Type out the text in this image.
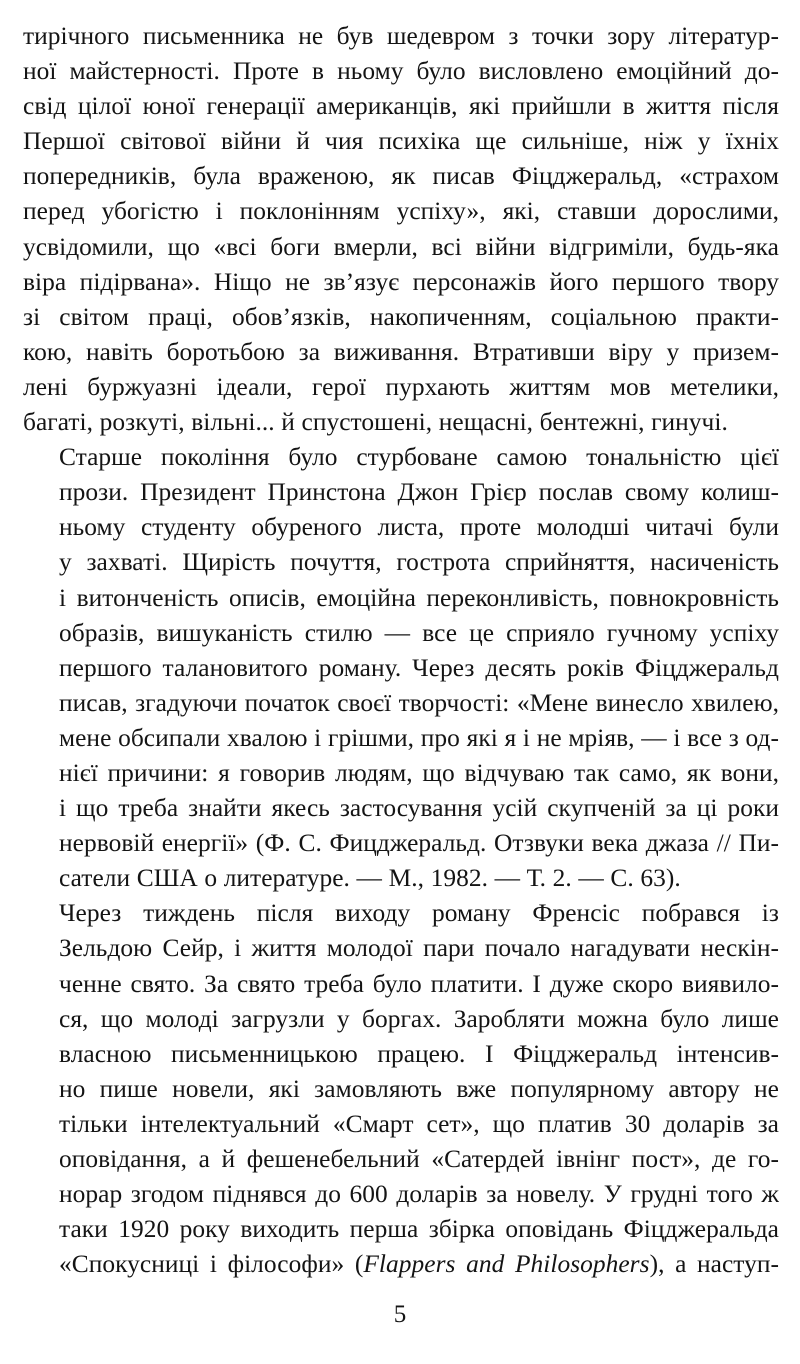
тирічного письменника не був шедевром з точки зору літератур-
ної майстерності. Проте в ньому було висловлено емоційний до-
свід цілої юної генерації американців, які прийшли в життя після
Першої світової війни й чия психіка ще сильніше, ніж у їхніх
попередників, була враженою, як писав Фіцджеральд, «страхом
перед убогістю і поклонінням успіху», які, ставши дорослими,
усвідомили, що «всі боги вмерли, всі війни відгриміли, будь-яка
віра підірвана». Ніщо не зв’язує персонажів його першого твору
зі світом праці, обов’язків, накопиченням, соціальною практи-
кою, навіть боротьбою за виживання. Втративши віру у призем-
лені буржуазні ідеали, герої пурхають життям мов метелики,
багаті, розкуті, вільні... й спустошені, нещасні, бентежні, гинучі.

Старше покоління було стурбоване самою тональністю цієї
прози. Президент Принстона Джон Грієр послав свому колиш-
ньому студенту обуреного листа, проте молодші читачі були
у захваті. Щирість почуття, гострота сприйняття, насиченість
і витонченість описів, емоційна переконливість, повнокровність
образів, вишуканість стилю — все це сприяло гучному успіху
першого талановитого роману. Через десять років Фіцджеральд
писав, згадуючи початок своєї творчості: «Мене винесло хвилею,
мене обсипали хвалою і грішми, про які я і не мріяв, — і все з од-
нієї причини: я говорив людям, що відчуваю так само, як вони,
і що треба знайти якесь застосування усій скупченій за ці роки
нервовій енергії» (Ф. С. Фицджеральд. Отзвуки века джаза // Пи-
сатели США о литературе. — М., 1982. — Т. 2. — С. 63).

Через тиждень після виходу роману Френсіс побрався із
Зельдою Сейр, і життя молодої пари почало нагадувати нескін-
ченне свято. За свято треба було платити. І дуже скоро виявило-
ся, що молоді загрузли у боргах. Заробляти можна було лише
власною письменницькою працею. І Фіцджеральд інтенсив-
но пише новели, які замовляють вже популярному автору не
тільки інтелектуальний «Смарт сет», що платив 30 доларів за
оповідання, а й фешенебельний «Сатердей івнінг пост», де го-
норар згодом піднявся до 600 доларів за новелу. У грудні того ж
таки 1920 року виходить перша збірка оповідань Фіцджеральда
«Спокусниці і філософи» (Flappers and Philosophers), а наступ-

5
